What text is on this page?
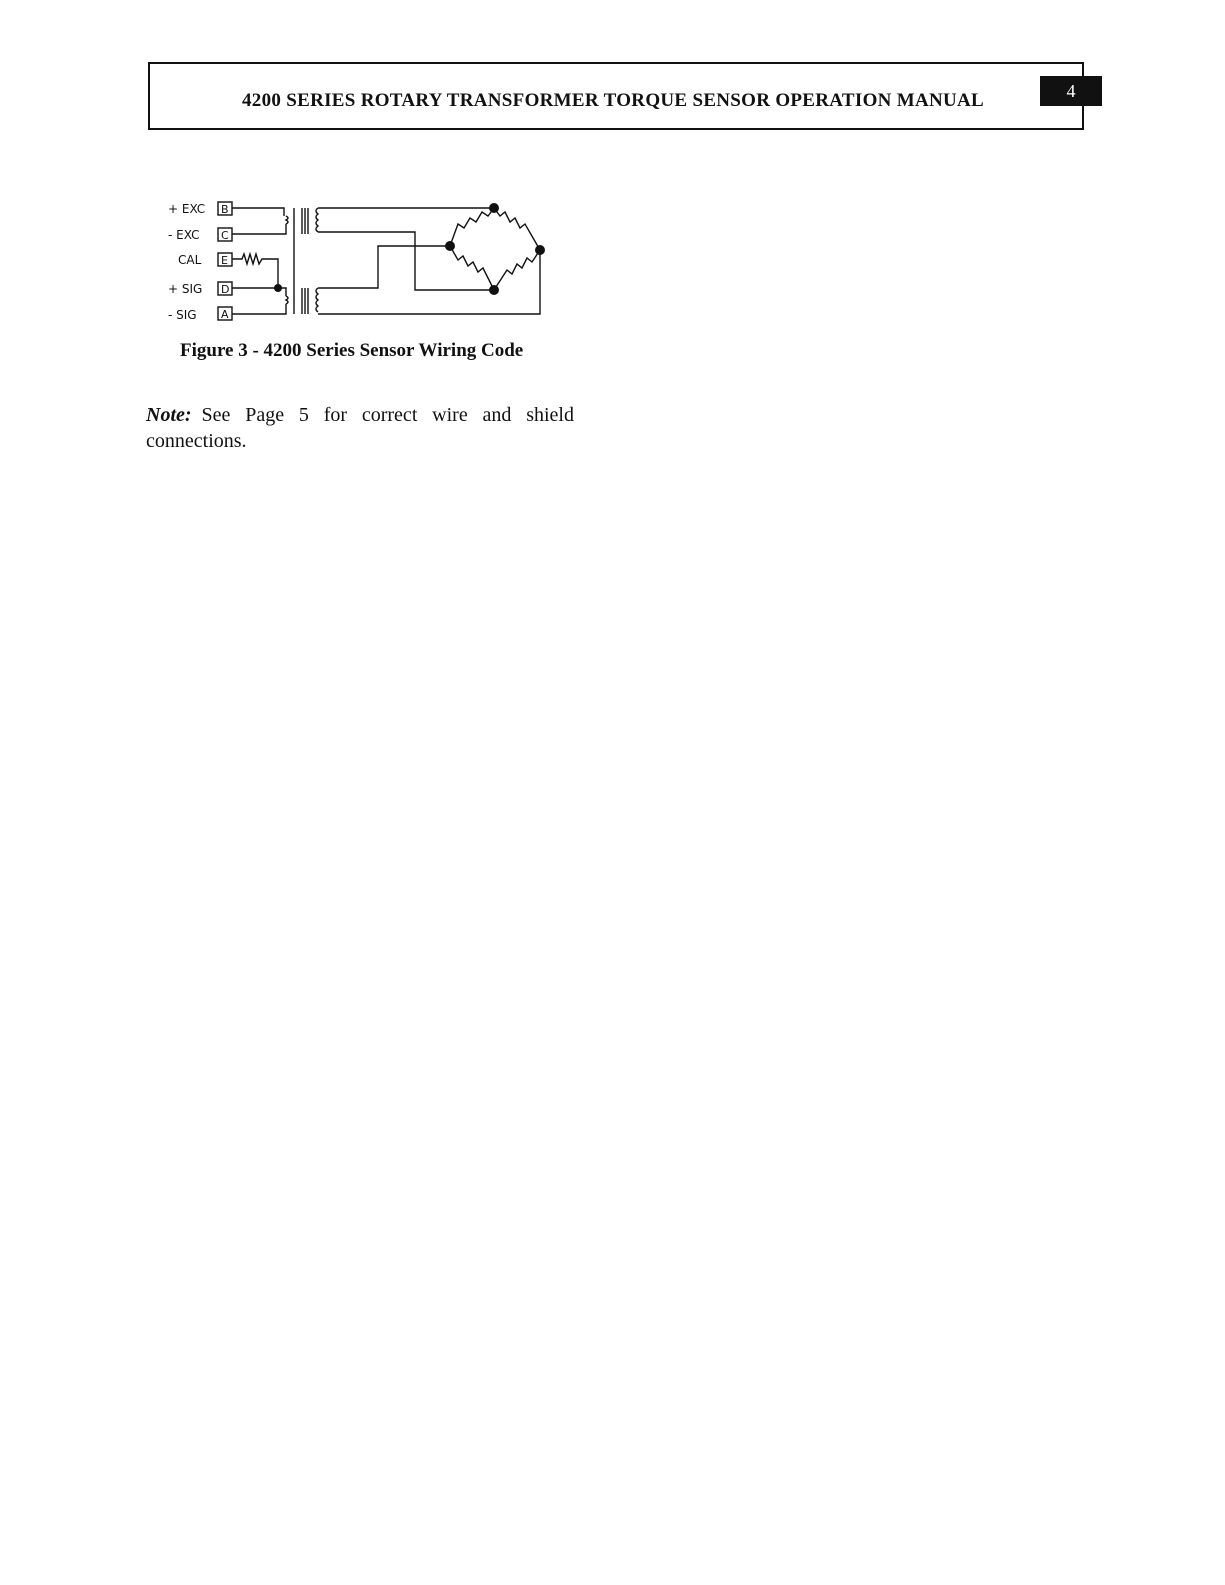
4200 SERIES ROTARY TRANSFORMER TORQUE SENSOR OPERATION MANUAL	4
+ EXC
- EXC
CAL
+ SIG
- SIG
B
C
E
D
A
Figure 3 - 4200 Series Sensor Wiring Code
Note: See Page 5 for correct wire and shield connections.
